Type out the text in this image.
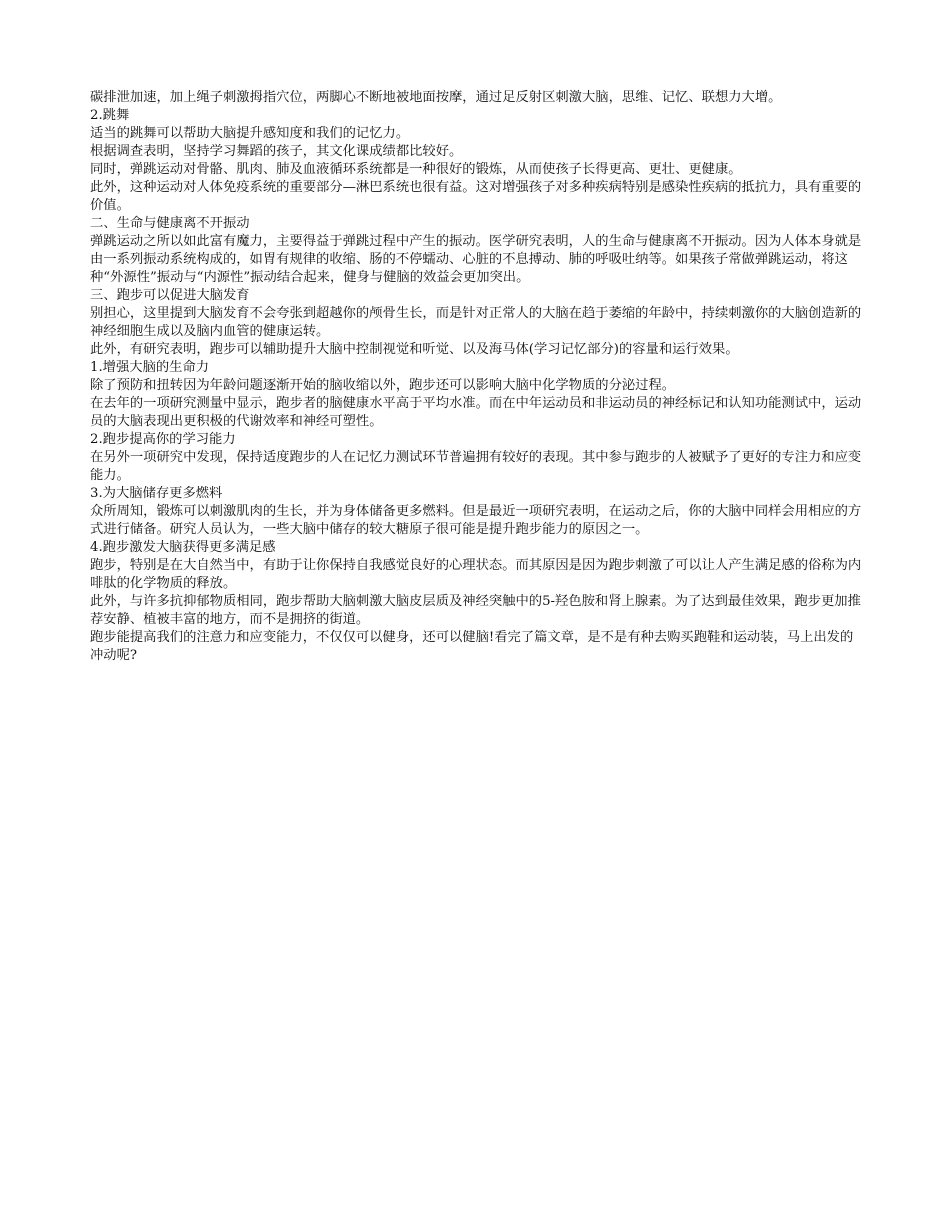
碳排泄加速，加上绳子刺激拇指穴位，两脚心不断地被地面按摩，通过足反射区刺激大脑，思维、记忆、联想力大增。

2.跳舞

适当的跳舞可以帮助大脑提升感知度和我们的记忆力。

根据调查表明，坚持学习舞蹈的孩子，其文化课成绩都比较好。

同时，弹跳运动对骨骼、肌肉、肺及血液循环系统都是一种很好的锻炼，从而使孩子长得更高、更壮、更健康。

此外，这种运动对人体免疫系统的重要部分—淋巴系统也很有益。这对增强孩子对多种疾病特别是感染性疾病的抵抗力，具有重要的价值。

二、生命与健康离不开振动

弹跳运动之所以如此富有魔力，主要得益于弹跳过程中产生的振动。医学研究表明，人的生命与健康离不开振动。因为人体本身就是由一系列振动系统构成的，如胃有规律的收缩、肠的不停蠕动、心脏的不息搏动、肺的呼吸吐纳等。如果孩子常做弹跳运动，将这种“外源性”振动与“内源性”振动结合起来，健身与健脑的效益会更加突出。

三、跑步可以促进大脑发育

别担心，这里提到大脑发育不会夸张到超越你的颅骨生长，而是针对正常人的大脑在趋于萎缩的年龄中，持续刺激你的大脑创造新的神经细胞生成以及脑内血管的健康运转。

此外，有研究表明，跑步可以辅助提升大脑中控制视觉和听觉、以及海马体(学习记忆部分)的容量和运行效果。

1.增强大脑的生命力

除了预防和扭转因为年龄问题逐渐开始的脑收缩以外，跑步还可以影响大脑中化学物质的分泌过程。

在去年的一项研究测量中显示，跑步者的脑健康水平高于平均水准。而在中年运动员和非运动员的神经标记和认知功能测试中，运动员的大脑表现出更积极的代谢效率和神经可塑性。

2.跑步提高你的学习能力

在另外一项研究中发现，保持适度跑步的人在记忆力测试环节普遍拥有较好的表现。其中参与跑步的人被赋予了更好的专注力和应变能力。

3.为大脑储存更多燃料

众所周知，锻炼可以刺激肌肉的生长，并为身体储备更多燃料。但是最近一项研究表明，在运动之后，你的大脑中同样会用相应的方式进行储备。研究人员认为，一些大脑中储存的较大糖原子很可能是提升跑步能力的原因之一。

4.跑步激发大脑获得更多满足感

跑步，特别是在大自然当中，有助于让你保持自我感觉良好的心理状态。而其原因是因为跑步刺激了可以让人产生满足感的俗称为内啡肽的化学物质的释放。

此外，与许多抗抑郁物质相同，跑步帮助大脑刺激大脑皮层质及神经突触中的5-羟色胺和肾上腺素。为了达到最佳效果，跑步更加推荐安静、植被丰富的地方，而不是拥挤的街道。

跑步能提高我们的注意力和应变能力，不仅仅可以健身，还可以健脑!看完了篇文章，是不是有种去购买跑鞋和运动装，马上出发的冲动呢?
